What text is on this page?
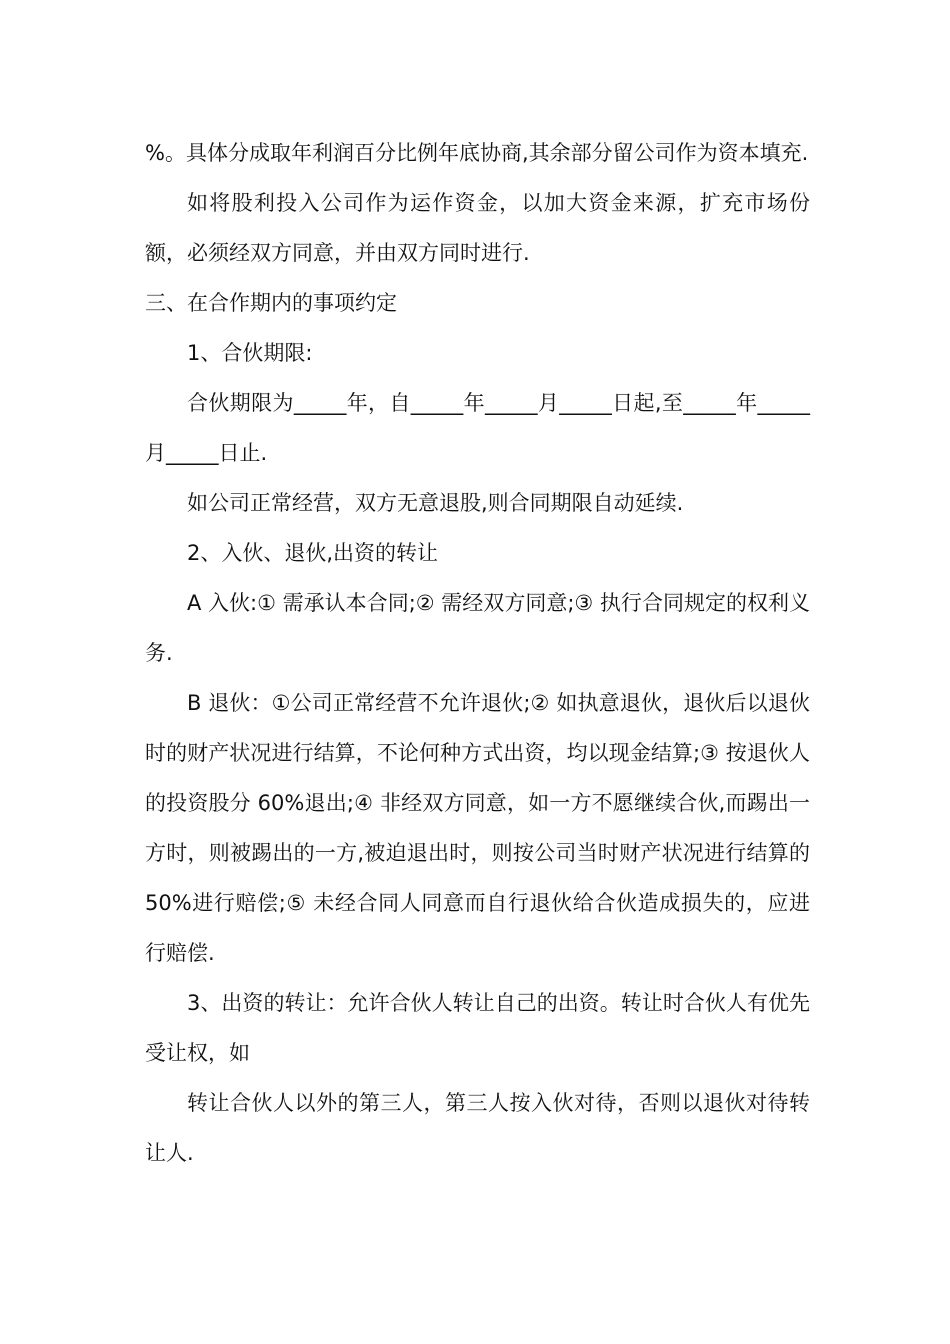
%。具体分成取年利润百分比例年底协商,其余部分留公司作为资本填充.

如将股利投入公司作为运作资金，以加大资金来源，扩充市场份额，必须经双方同意，并由双方同时进行.

三、在合作期内的事项约定

1、合伙期限:

合伙期限为_____年，自_____年_____月_____日起,至_____年_____月_____日止.

如公司正常经营，双方无意退股,则合同期限自动延续.

2、入伙、退伙,出资的转让

A 入伙:① 需承认本合同;② 需经双方同意;③ 执行合同规定的权利义务.

B 退伙：①公司正常经营不允许退伙;② 如执意退伙，退伙后以退伙时的财产状况进行结算，不论何种方式出资，均以现金结算;③ 按退伙人的投资股分 60%退出;④ 非经双方同意，如一方不愿继续合伙,而踢出一方时，则被踢出的一方,被迫退出时，则按公司当时财产状况进行结算的 50%进行赔偿;⑤ 未经合同人同意而自行退伙给合伙造成损失的，应进行赔偿.

3、出资的转让：允许合伙人转让自己的出资。转让时合伙人有优先受让权，如

转让合伙人以外的第三人，第三人按入伙对待，否则以退伙对待转让人.
